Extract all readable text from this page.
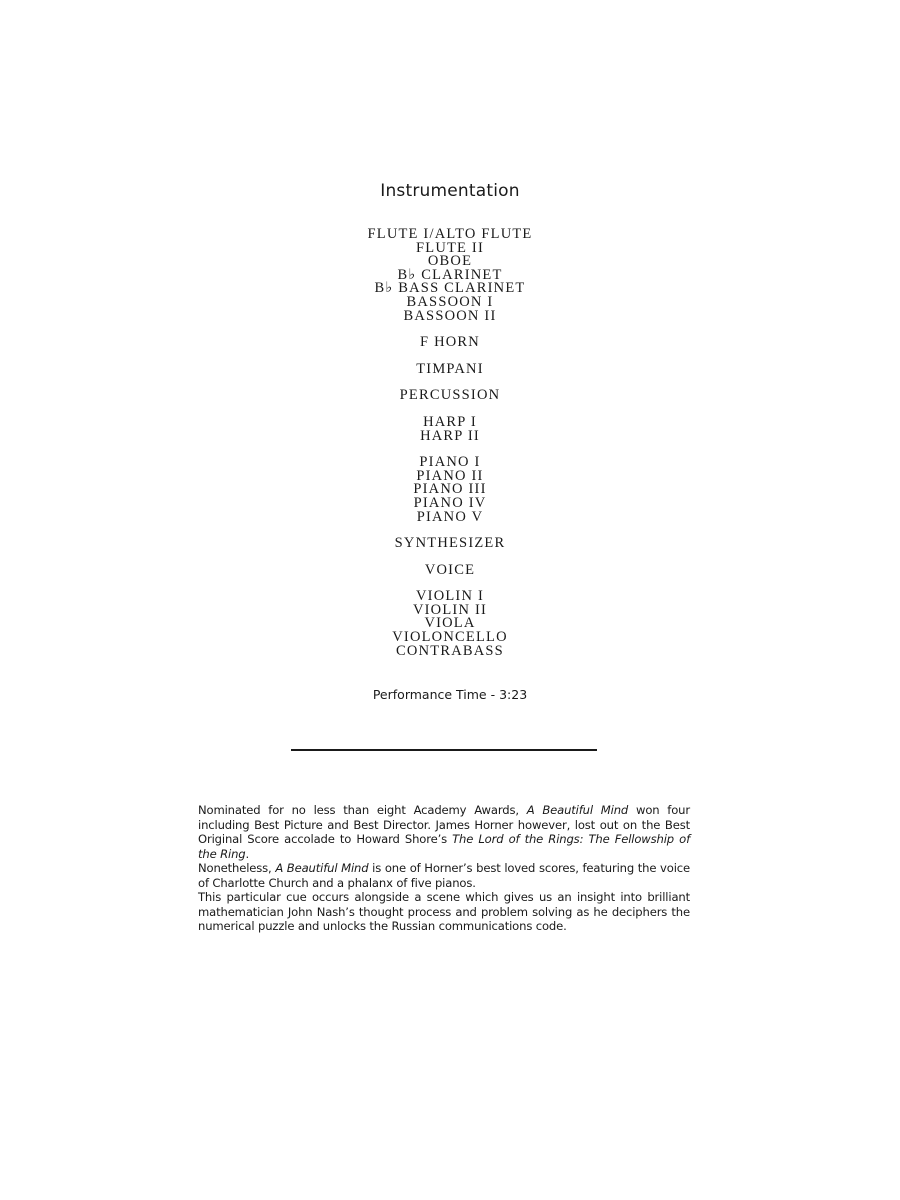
Instrumentation
FLUTE I/ALTO FLUTE
FLUTE II
OBOE
B♭ CLARINET
B♭ BASS CLARINET
BASSOON I
BASSOON II
F HORN
TIMPANI
PERCUSSION
HARP I
HARP II
PIANO I
PIANO II
PIANO III
PIANO IV
PIANO V
SYNTHESIZER
VOICE
VIOLIN I
VIOLIN II
VIOLA
VIOLONCELLO
CONTRABASS
Performance Time - 3:23

Nominated for no less than eight Academy Awards, A Beautiful Mind won four including Best Picture and Best Director. James Horner however, lost out on the Best Original Score accolade to Howard Shore’s The Lord of the Rings: The Fellowship of the Ring.

Nonetheless, A Beautiful Mind is one of Horner’s best loved scores, featuring the voice of Charlotte Church and a phalanx of five pianos.

This particular cue occurs alongside a scene which gives us an insight into brilliant mathematician John Nash’s thought process and problem solving as he deciphers the numerical puzzle and unlocks the Russian communications code.
